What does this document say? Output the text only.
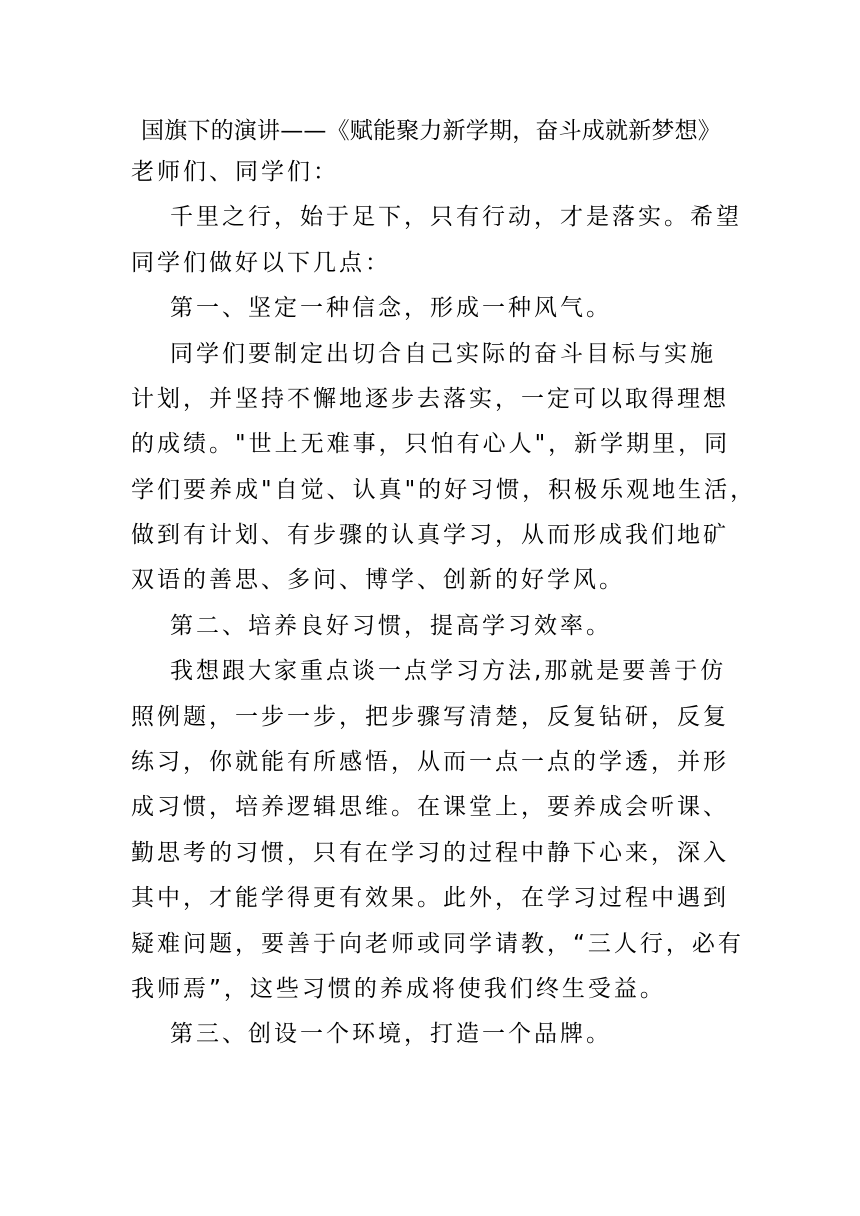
国旗下的演讲——《赋能聚力新学期，奋斗成就新梦想》
老师们、同学们：
千里之行，始于足下，只有行动，才是落实。希望
同学们做好以下几点：
第一、坚定一种信念，形成一种风气。
同学们要制定出切合自己实际的奋斗目标与实施
计划，并坚持不懈地逐步去落实，一定可以取得理想
的成绩。"世上无难事，只怕有心人"，新学期里，同
学们要养成"自觉、认真"的好习惯，积极乐观地生活，
做到有计划、有步骤的认真学习，从而形成我们地矿
双语的善思、多问、博学、创新的好学风。
第二、培养良好习惯，提高学习效率。
我想跟大家重点谈一点学习方法,那就是要善于仿
照例题，一步一步，把步骤写清楚，反复钻研，反复
练习，你就能有所感悟，从而一点一点的学透，并形
成习惯，培养逻辑思维。在课堂上，要养成会听课、
勤思考的习惯，只有在学习的过程中静下心来，深入
其中，才能学得更有效果。此外，在学习过程中遇到
疑难问题，要善于向老师或同学请教，“三人行，必有
我师焉”，这些习惯的养成将使我们终生受益。
第三、创设一个环境，打造一个品牌。
